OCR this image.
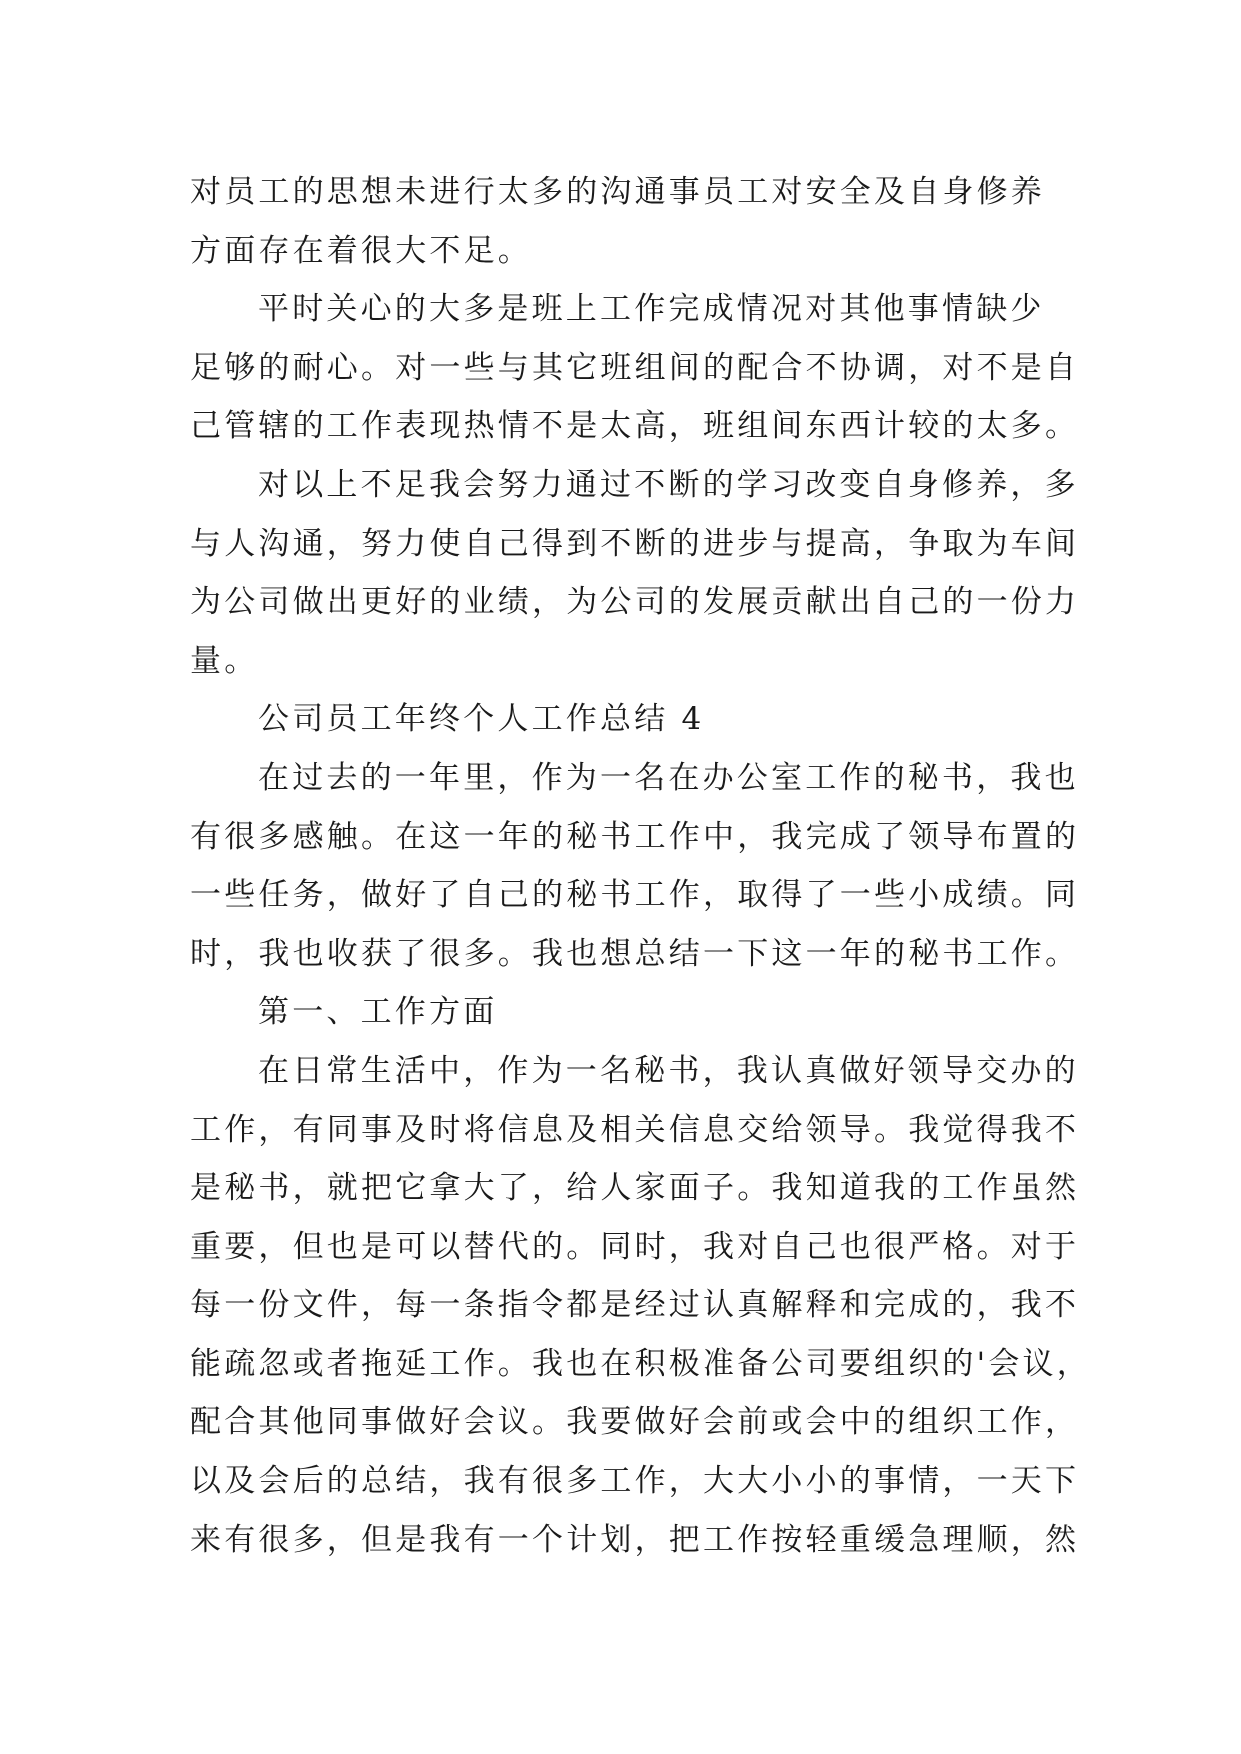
对员工的思想未进行太多的沟通事员工对安全及自身修养
方面存在着很大不足。
平时关心的大多是班上工作完成情况对其他事情缺少
足够的耐心。对一些与其它班组间的配合不协调，对不是自
己管辖的工作表现热情不是太高，班组间东西计较的太多。
对以上不足我会努力通过不断的学习改变自身修养，多
与人沟通，努力使自己得到不断的进步与提高，争取为车间
为公司做出更好的业绩，为公司的发展贡献出自己的一份力
量。
公司员工年终个人工作总结 4
在过去的一年里，作为一名在办公室工作的秘书，我也
有很多感触。在这一年的秘书工作中，我完成了领导布置的
一些任务，做好了自己的秘书工作，取得了一些小成绩。同
时，我也收获了很多。我也想总结一下这一年的秘书工作。
第一、工作方面
在日常生活中，作为一名秘书，我认真做好领导交办的
工作，有同事及时将信息及相关信息交给领导。我觉得我不
是秘书，就把它拿大了，给人家面子。我知道我的工作虽然
重要，但也是可以替代的。同时，我对自己也很严格。对于
每一份文件，每一条指令都是经过认真解释和完成的，我不
能疏忽或者拖延工作。我也在积极准备公司要组织的'会议，
配合其他同事做好会议。我要做好会前或会中的组织工作，
以及会后的总结，我有很多工作，大大小小的事情，一天下
来有很多，但是我有一个计划，把工作按轻重缓急理顺，然
